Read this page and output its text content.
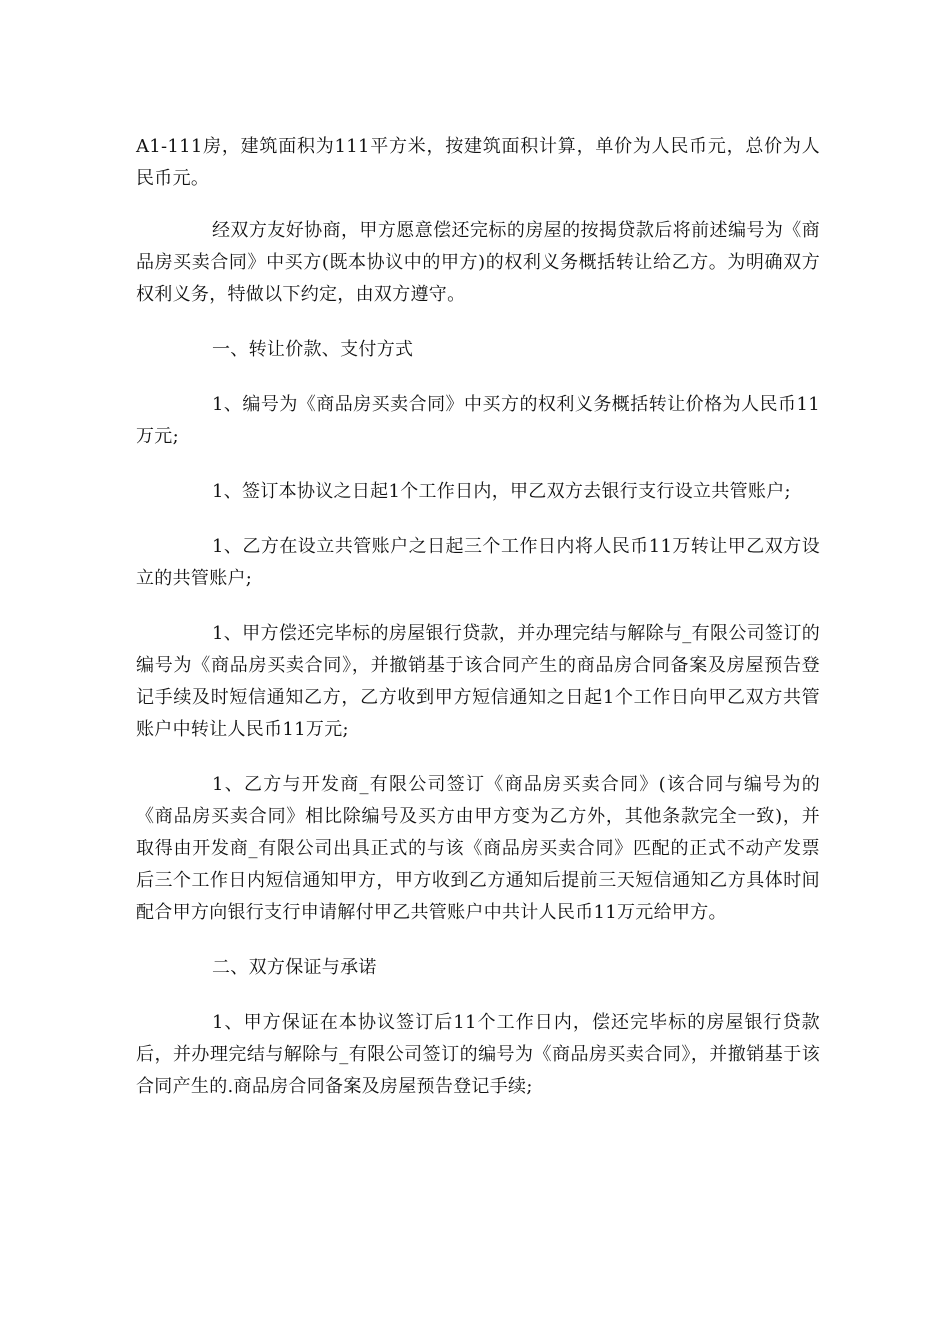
A1-111房，建筑面积为111平方米，按建筑面积计算，单价为人民币元，总价为人民币元。

经双方友好协商，甲方愿意偿还完标的房屋的按揭贷款后将前述编号为《商品房买卖合同》中买方(既本协议中的甲方)的权利义务概括转让给乙方。为明确双方权利义务，特做以下约定，由双方遵守。

一、转让价款、支付方式

1、编号为《商品房买卖合同》中买方的权利义务概括转让价格为人民币11万元;

1、签订本协议之日起1个工作日内，甲乙双方去银行支行设立共管账户;

1、乙方在设立共管账户之日起三个工作日内将人民币11万转让甲乙双方设立的共管账户;

1、甲方偿还完毕标的房屋银行贷款，并办理完结与解除与_有限公司签订的编号为《商品房买卖合同》，并撤销基于该合同产生的商品房合同备案及房屋预告登记手续及时短信通知乙方，乙方收到甲方短信通知之日起1个工作日向甲乙双方共管账户中转让人民币11万元;

1、乙方与开发商_有限公司签订《商品房买卖合同》(该合同与编号为的《商品房买卖合同》相比除编号及买方由甲方变为乙方外，其他条款完全一致)，并取得由开发商_有限公司出具正式的与该《商品房买卖合同》匹配的正式不动产发票后三个工作日内短信通知甲方，甲方收到乙方通知后提前三天短信通知乙方具体时间配合甲方向银行支行申请解付甲乙共管账户中共计人民币11万元给甲方。

二、双方保证与承诺

1、甲方保证在本协议签订后11个工作日内，偿还完毕标的房屋银行贷款后，并办理完结与解除与_有限公司签订的编号为《商品房买卖合同》，并撤销基于该合同产生的.商品房合同备案及房屋预告登记手续;
